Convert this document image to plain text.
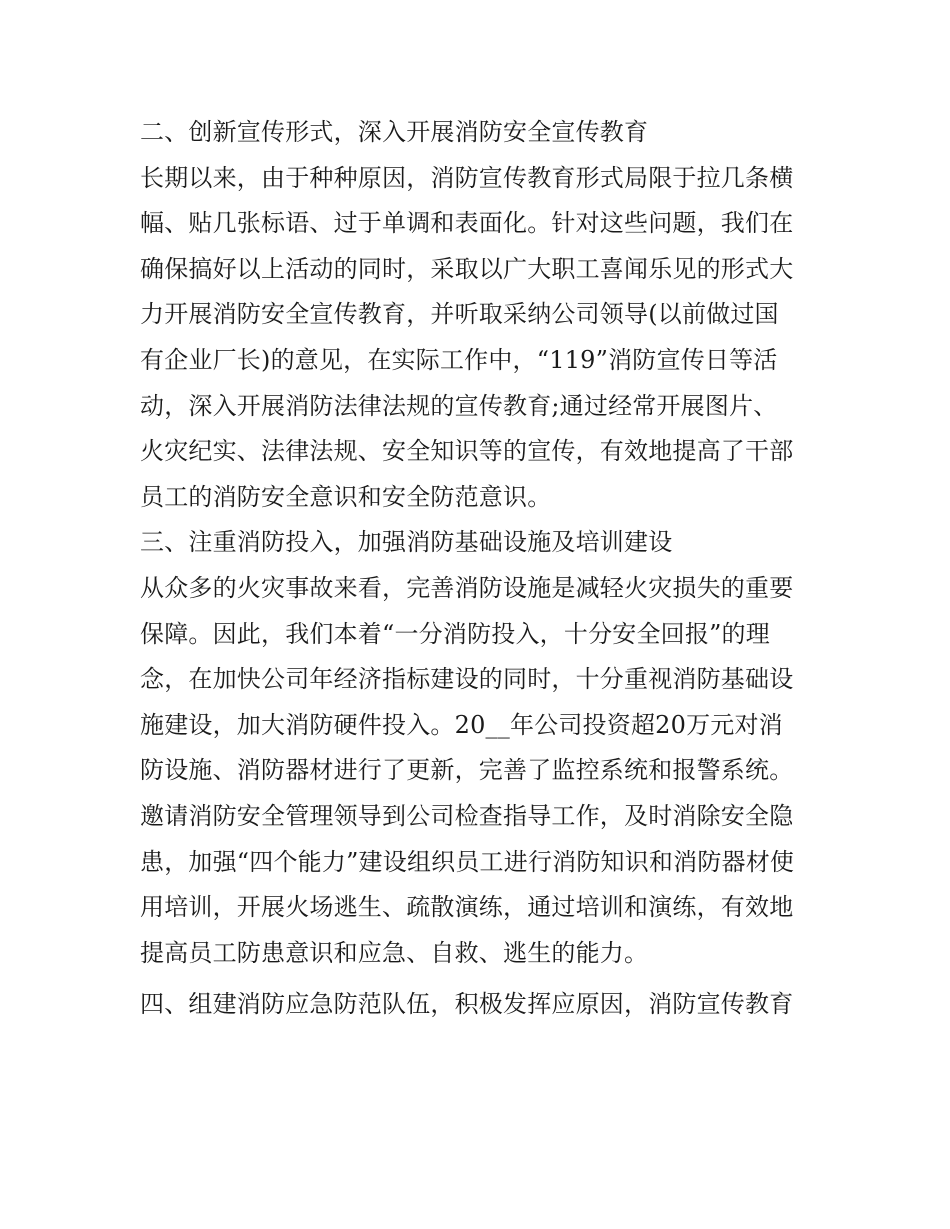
二、创新宣传形式，深入开展消防安全宣传教育
长期以来，由于种种原因，消防宣传教育形式局限于拉几条横
幅、贴几张标语、过于单调和表面化。针对这些问题，我们在
确保搞好以上活动的同时，采取以广大职工喜闻乐见的形式大
力开展消防安全宣传教育，并听取采纳公司领导(以前做过国
有企业厂长)的意见，在实际工作中，“119”消防宣传日等活
动，深入开展消防法律法规的宣传教育;通过经常开展图片、
火灾纪实、法律法规、安全知识等的宣传，有效地提高了干部
员工的消防安全意识和安全防范意识。
三、注重消防投入，加强消防基础设施及培训建设
从众多的火灾事故来看，完善消防设施是减轻火灾损失的重要
保障。因此，我们本着“一分消防投入，十分安全回报”的理
念，在加快公司年经济指标建设的同时，十分重视消防基础设
施建设，加大消防硬件投入。20__年公司投资超20万元对消
防设施、消防器材进行了更新，完善了监控系统和报警系统。
邀请消防安全管理领导到公司检查指导工作，及时消除安全隐
患，加强“四个能力”建设组织员工进行消防知识和消防器材使
用培训，开展火场逃生、疏散演练，通过培训和演练，有效地
提高员工防患意识和应急、自救、逃生的能力。
四、组建消防应急防范队伍，积极发挥应原因，消防宣传教育
